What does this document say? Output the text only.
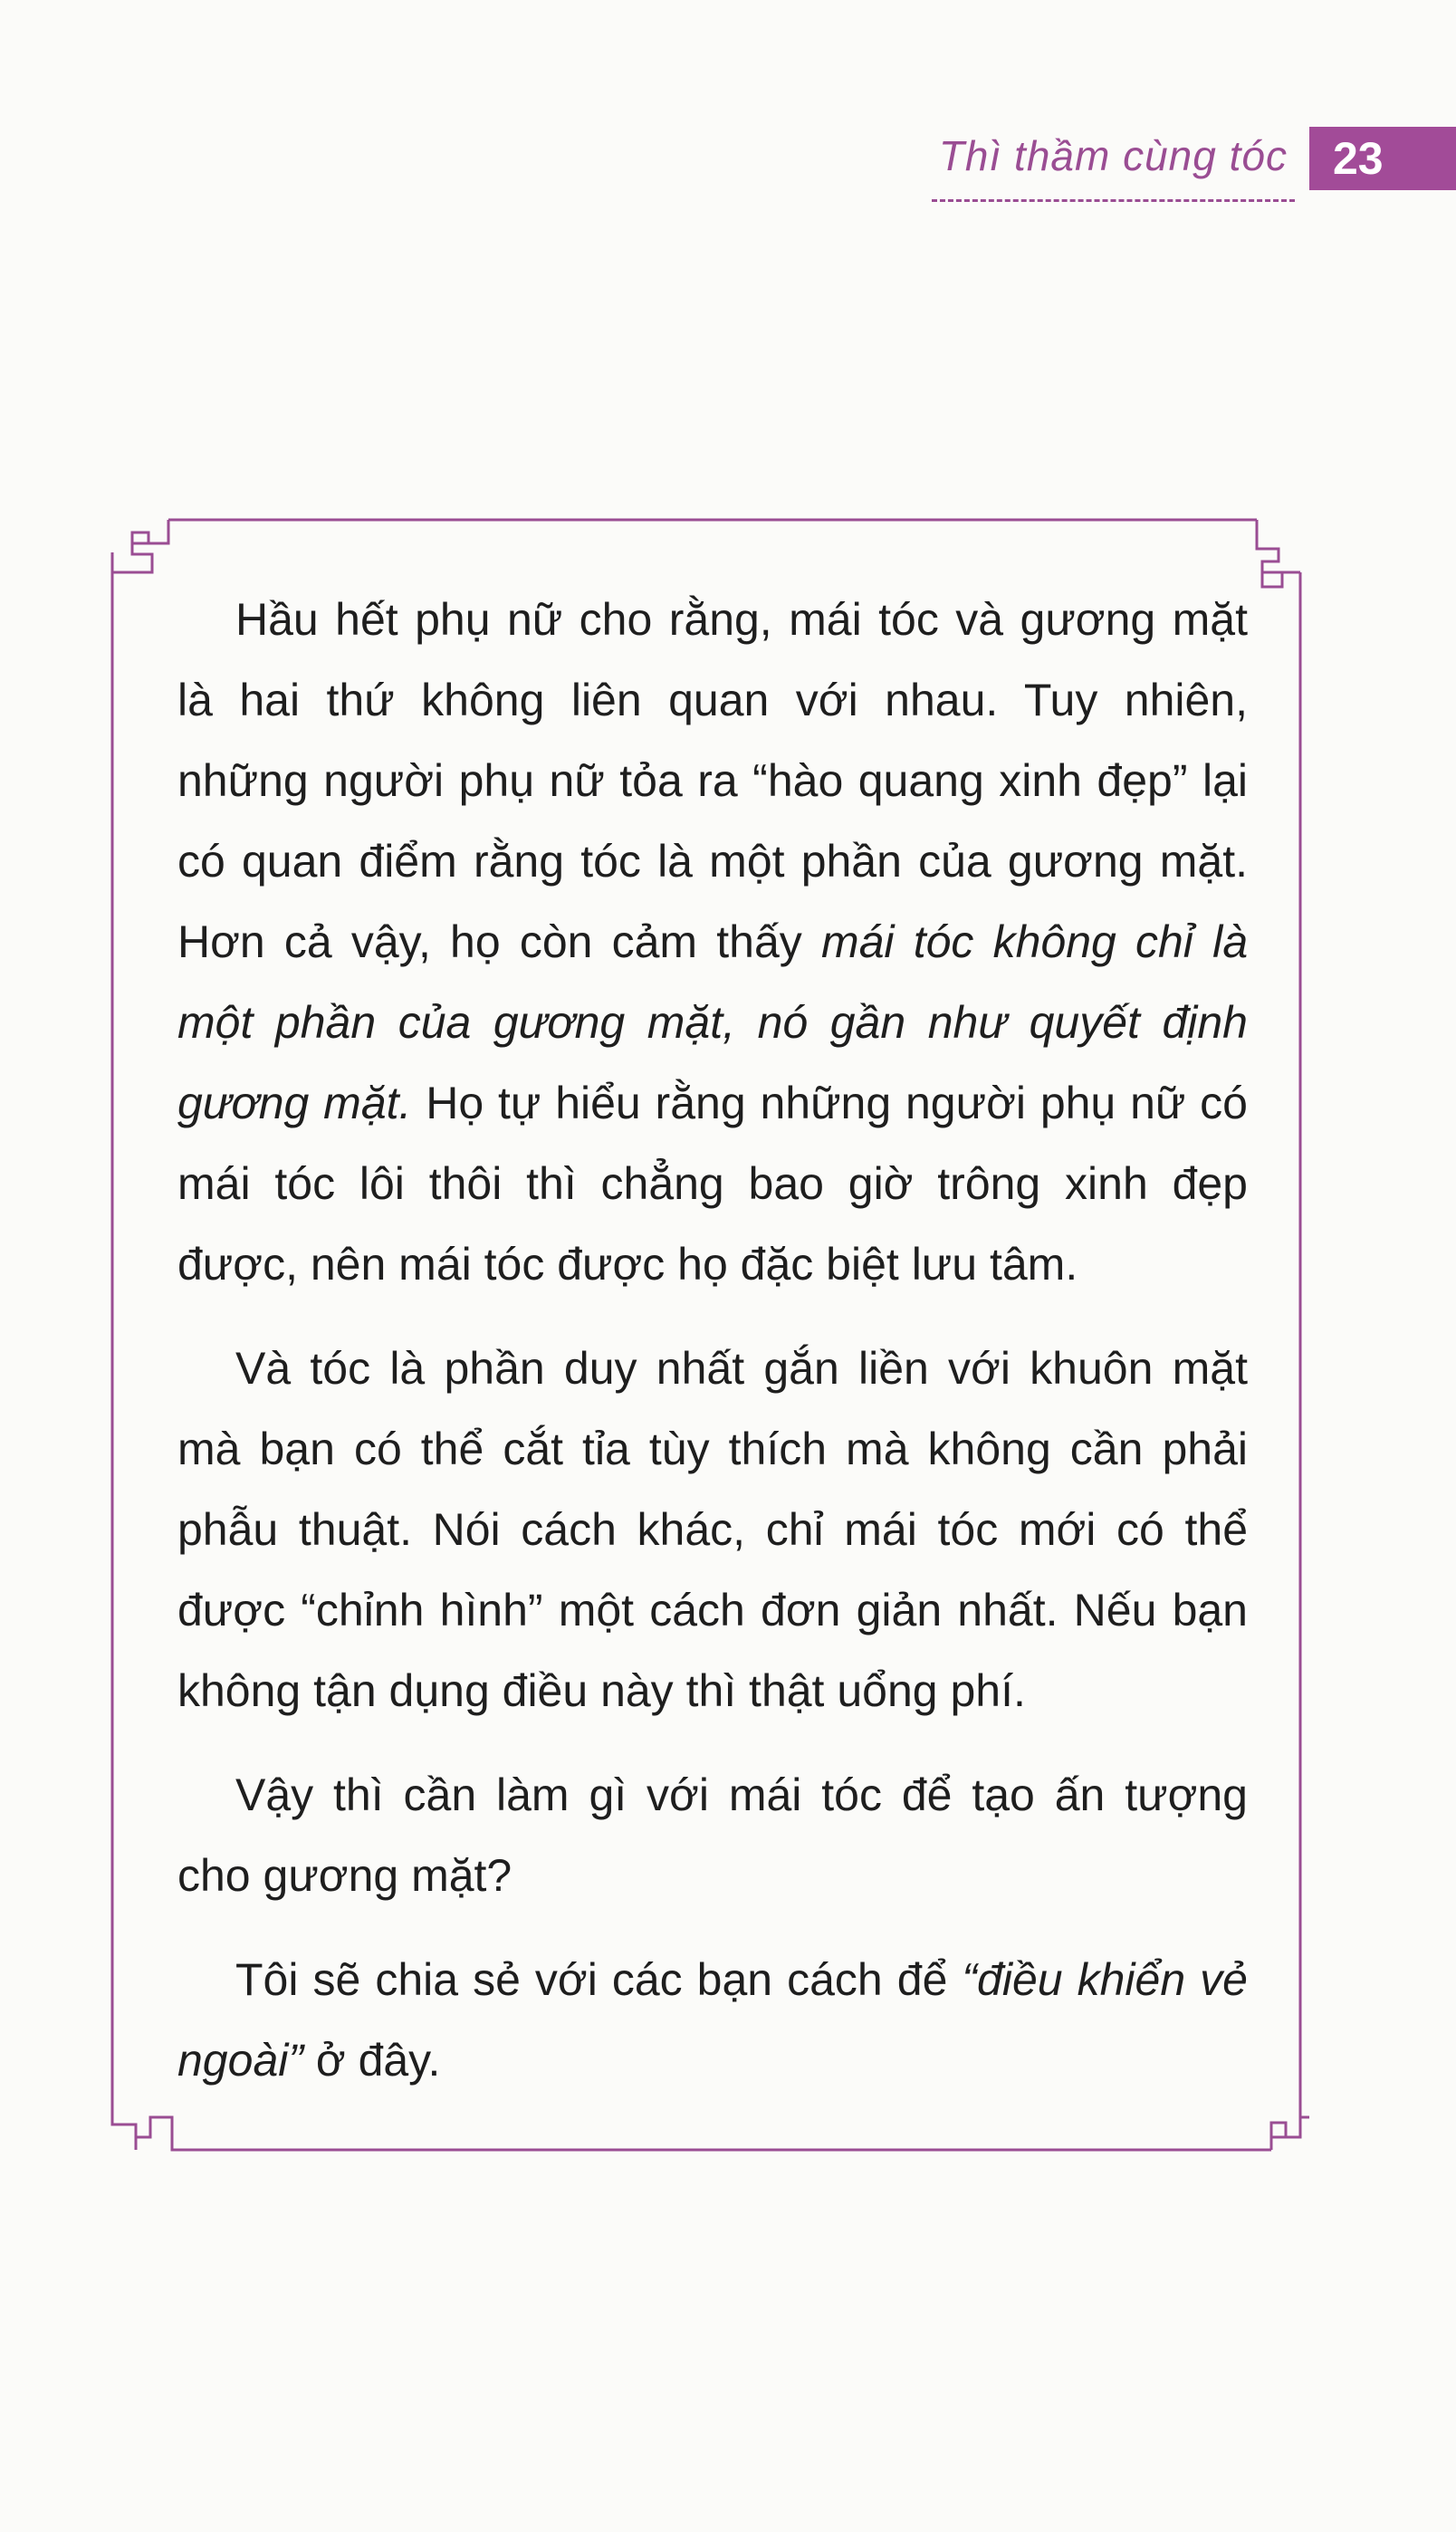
Thì thầm cùng tóc 23

Hầu hết phụ nữ cho rằng, mái tóc và gương mặt là hai thứ không liên quan với nhau. Tuy nhiên, những người phụ nữ tỏa ra “hào quang xinh đẹp” lại có quan điểm rằng tóc là một phần của gương mặt. Hơn cả vậy, họ còn cảm thấy mái tóc không chỉ là một phần của gương mặt, nó gần như quyết định gương mặt. Họ tự hiểu rằng những người phụ nữ có mái tóc lôi thôi thì chẳng bao giờ trông xinh đẹp được, nên mái tóc được họ đặc biệt lưu tâm.

Và tóc là phần duy nhất gắn liền với khuôn mặt mà bạn có thể cắt tỉa tùy thích mà không cần phải phẫu thuật. Nói cách khác, chỉ mái tóc mới có thể được “chỉnh hình” một cách đơn giản nhất. Nếu bạn không tận dụng điều này thì thật uổng phí.

Vậy thì cần làm gì với mái tóc để tạo ấn tượng cho gương mặt?

Tôi sẽ chia sẻ với các bạn cách để “điều khiển vẻ ngoài” ở đây.
